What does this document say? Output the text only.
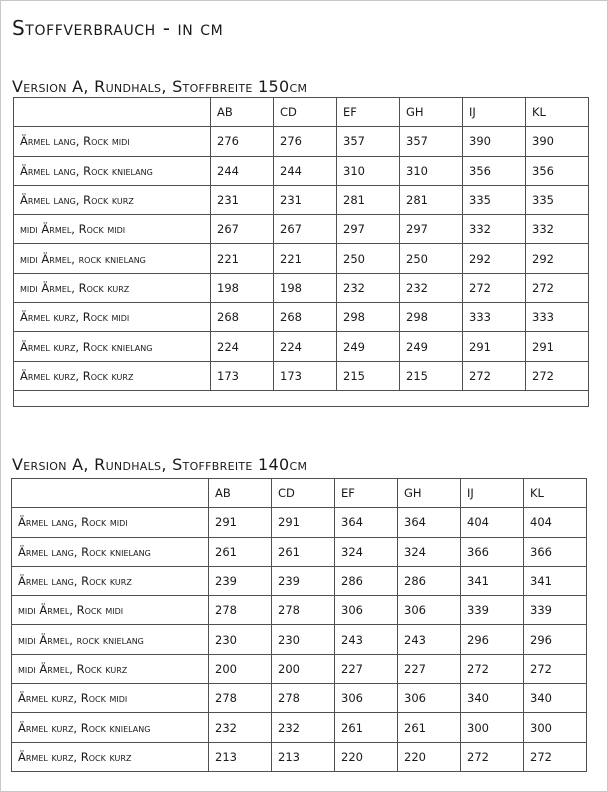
Stoffverbrauch - in cm
Version A, Rundhals, Stoffbreite 150cm
	AB	CD	EF	GH	IJ	KL
Ärmel lang, Rock midi	276	276	357	357	390	390
Ärmel lang, Rock knielang	244	244	310	310	356	356
Ärmel lang, Rock kurz	231	231	281	281	335	335
midi Ärmel, Rock midi	267	267	297	297	332	332
midi Ärmel, rock knielang	221	221	250	250	292	292
midi Ärmel, Rock kurz	198	198	232	232	272	272
Ärmel kurz, Rock midi	268	268	298	298	333	333
Ärmel kurz, Rock knielang	224	224	249	249	291	291
Ärmel kurz, Rock kurz	173	173	215	215	272	272

Version A, Rundhals, Stoffbreite 140cm
	AB	CD	EF	GH	IJ	KL
Ärmel lang, Rock midi	291	291	364	364	404	404
Ärmel lang, Rock knielang	261	261	324	324	366	366
Ärmel lang, Rock kurz	239	239	286	286	341	341
midi Ärmel, Rock midi	278	278	306	306	339	339
midi Ärmel, rock knielang	230	230	243	243	296	296
midi Ärmel, Rock kurz	200	200	227	227	272	272
Ärmel kurz, Rock midi	278	278	306	306	340	340
Ärmel kurz, Rock knielang	232	232	261	261	300	300
Ärmel kurz, Rock kurz	213	213	220	220	272	272
